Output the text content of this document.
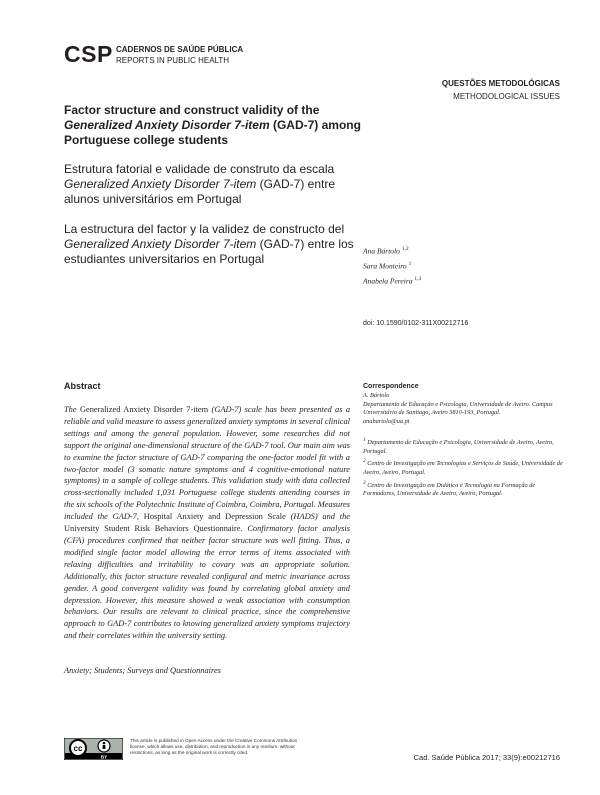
CSP CADERNOS DE SAÚDE PÚBLICA
REPORTS IN PUBLIC HEALTH
QUESTÕES METODOLÓGICAS
METHODOLOGICAL ISSUES
Factor structure and construct validity of the Generalized Anxiety Disorder 7-item (GAD-7) among Portuguese college students
Estrutura fatorial e validade de construto da escala Generalized Anxiety Disorder 7-item (GAD-7) entre alunos universitários em Portugal
La estructura del factor y la validez de constructo del Generalized Anxiety Disorder 7-item (GAD-7) entre los estudiantes universitarios en Portugal
Ana Bártolo $^{1,2}$
Sara Monteiro $^1$
Anabela Pereira $^{1,3}$
doi: 10.1590/0102-311X00212716
Abstract
The Generalized Anxiety Disorder 7-item (GAD-7) scale has been presented as a reliable and valid measure to assess generalized anxiety symptoms in several clinical settings and among the general population. However, some researches did not support the original one-dimensional structure of the GAD-7 tool. Our main aim was to examine the factor structure of GAD-7 comparing the one-factor model fit with a two-factor model (3 somatic nature symptoms and 4 cognitive-emotional nature symptoms) in a sample of college students. This validation study with data collected cross-sectionally included 1,031 Portuguese college students attending courses in the six schools of the Polytechnic Institute of Coimbra, Coimbra, Portugal. Measures included the GAD-7, Hospital Anxiety and Depression Scale (HADS) and the University Student Risk Behaviors Questionnaire. Confirmatory factor analysis (CFA) procedures confirmed that neither factor structure was well fitting. Thus, a modified single factor model allowing the error terms of items associated with relaxing difficulties and irritability to covary was an appropriate solution. Additionally, this factor structure revealed configural and metric invariance across gender. A good convergent validity was found by correlating global anxiety and depression. However, this measure showed a weak association with consumption behaviors. Our results are relevant to clinical practice, since the comprehensive approach to GAD-7 contributes to knowing generalized anxiety symptoms trajectory and their correlates within the university setting.
Anxiety; Students; Surveys and Questionnaires
Correspondence
A. Bártolo
Departamento de Educação e Psicologia, Universidade de Aveiro. Campus Universitário de Santiago, Aveiro 3810-193, Portugal.
anabartolo@ua.pt

$^1$ Departamento de Educação e Psicologia, Universidade de Aveiro, Aveiro, Portugal.

$^2$ Centro de Investigação em Tecnologias e Serviços de Saúde, Universidade de Aveiro, Aveiro, Portugal.

$^3$ Centro de Investigação em Didática e Tecnologia na Formação de Formadores, Universidade de Aveiro, Aveiro, Portugal.

cc
BY
This article is published in Open Access under the Creative Commons Attribution license, which allows use, distribution, and reproduction in any medium, without restrictions, as long as the original work is correctly cited.
Cad. Saúde Pública 2017; 33(9):e00212716
